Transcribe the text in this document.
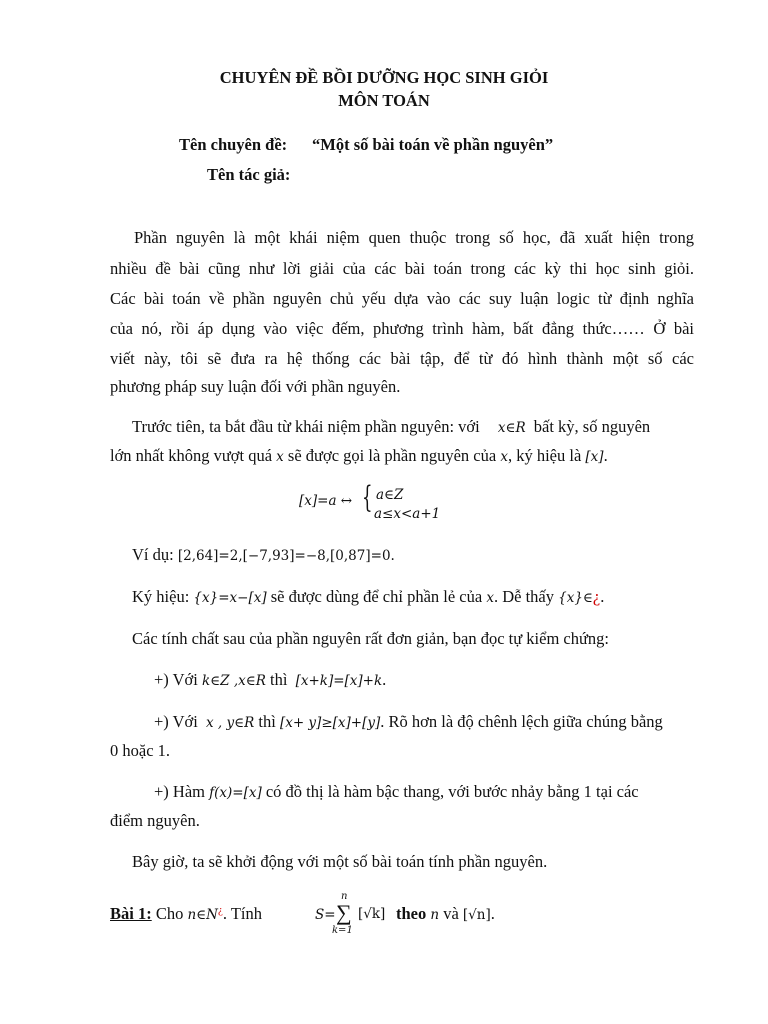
CHUYÊN ĐỀ BỒI DƯỠNG HỌC SINH GIỎI
MÔN TOÁN
Tên chuyên đề: “Một số bài toán về phần nguyên”
Tên tác giả:
Phần nguyên là một khái niệm quen thuộc trong số học, đã xuất hiện trong
nhiều đề bài cũng như lời giải của các bài toán trong các kỳ thi học sinh giỏi.
Các bài toán về phần nguyên chủ yếu dựa vào các suy luận logic từ định nghĩa
của nó, rồi áp dụng vào việc đếm, phương trình hàm, bất đẳng thức…… Ở bài
viết này, tôi sẽ đưa ra hệ thống các bài tập, để từ đó hình thành một số các
phương pháp suy luận đối với phần nguyên.
Trước tiên, ta bắt đầu từ khái niệm phần nguyên: với x∈R bất kỳ, số nguyên
lớn nhất không vượt quá x sẽ được gọi là phần nguyên của x, ký hiệu là [x].
[x]=a ↔ { a∈Z
a≤x<a+1
Ví dụ: [2,64]=2,[−7,93]=−8,[0,87]=0.
Ký hiệu: {x}=x−[x] sẽ được dùng để chỉ phần lẻ của x. Dễ thấy {x}∈¿.
Các tính chất sau của phần nguyên rất đơn giản, bạn đọc tự kiểm chứng:
+) Với k∈Z ,x∈R thì [x+k]=[x]+k.
+) Với x , y∈R thì [x+ y]≥[x]+[y]. Rõ hơn là độ chênh lệch giữa chúng bằng
0 hoặc 1.
+) Hàm f(x)=[x] có đồ thị là hàm bậc thang, với bước nhảy bằng 1 tại các
điểm nguyên.
Bây giờ, ta sẽ khởi động với một số bài toán tính phần nguyên.
Bài 1: Cho n∈N¿. Tính	S=
n
∑
k=1
[√k] theo n và [√n].
